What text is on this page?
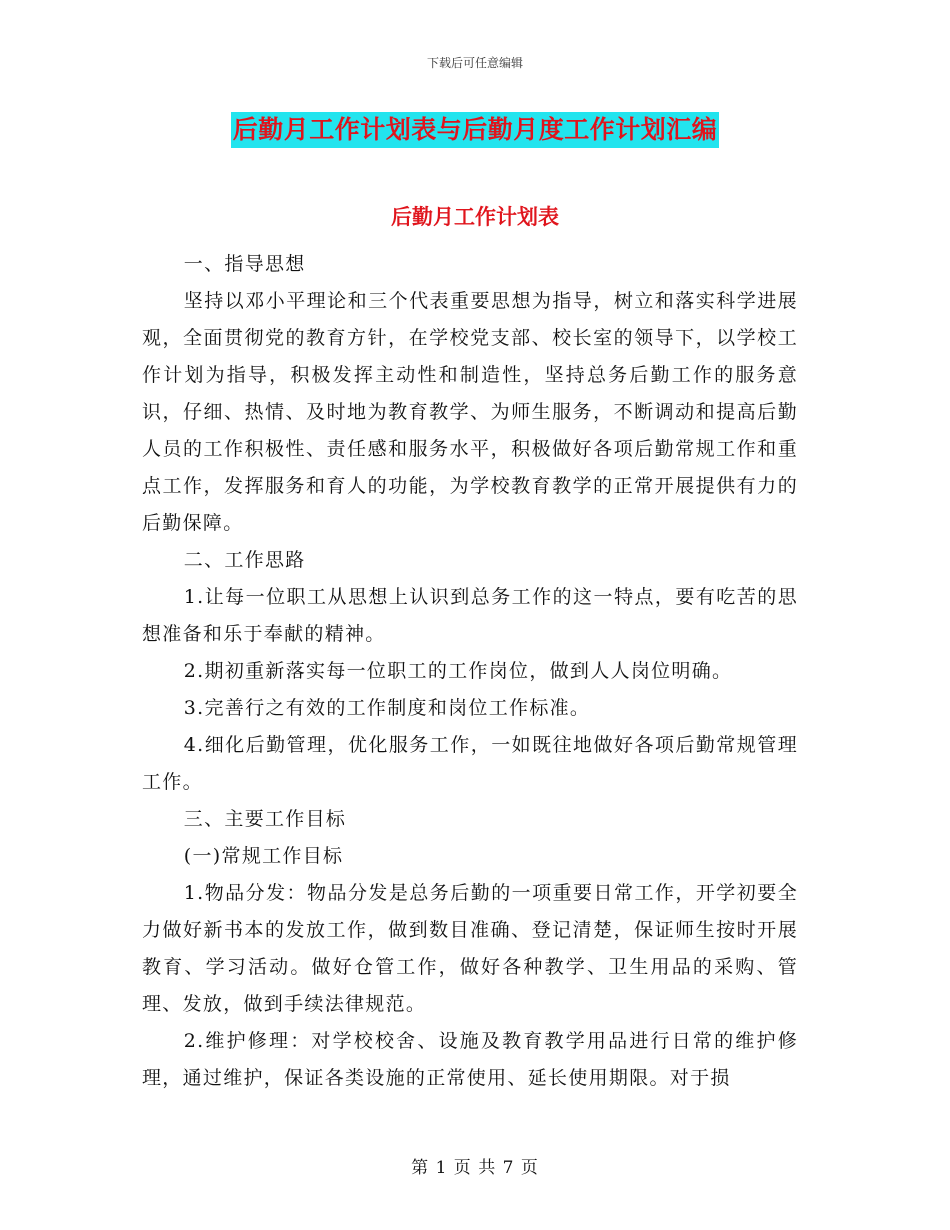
下载后可任意编辑
后勤月工作计划表与后勤月度工作计划汇编
后勤月工作计划表

一、指导思想

坚持以邓小平理论和三个代表重要思想为指导，树立和落实科学进展观，全面贯彻党的教育方针，在学校党支部、校长室的领导下，以学校工作计划为指导，积极发挥主动性和制造性，坚持总务后勤工作的服务意识，仔细、热情、及时地为教育教学、为师生服务，不断调动和提高后勤人员的工作积极性、责任感和服务水平，积极做好各项后勤常规工作和重点工作，发挥服务和育人的功能，为学校教育教学的正常开展提供有力的后勤保障。

二、工作思路

1.让每一位职工从思想上认识到总务工作的这一特点，要有吃苦的思想准备和乐于奉献的精神。

2.期初重新落实每一位职工的工作岗位，做到人人岗位明确。

3.完善行之有效的工作制度和岗位工作标准。

4.细化后勤管理，优化服务工作，一如既往地做好各项后勤常规管理工作。

三、主要工作目标

(一)常规工作目标

1.物品分发：物品分发是总务后勤的一项重要日常工作，开学初要全力做好新书本的发放工作，做到数目准确、登记清楚，保证师生按时开展教育、学习活动。做好仓管工作，做好各种教学、卫生用品的采购、管理、发放，做到手续法律规范。

2.维护修理：对学校校舍、设施及教育教学用品进行日常的维护修理，通过维护，保证各类设施的正常使用、延长使用期限。对于损

第 1 页 共 7 页
